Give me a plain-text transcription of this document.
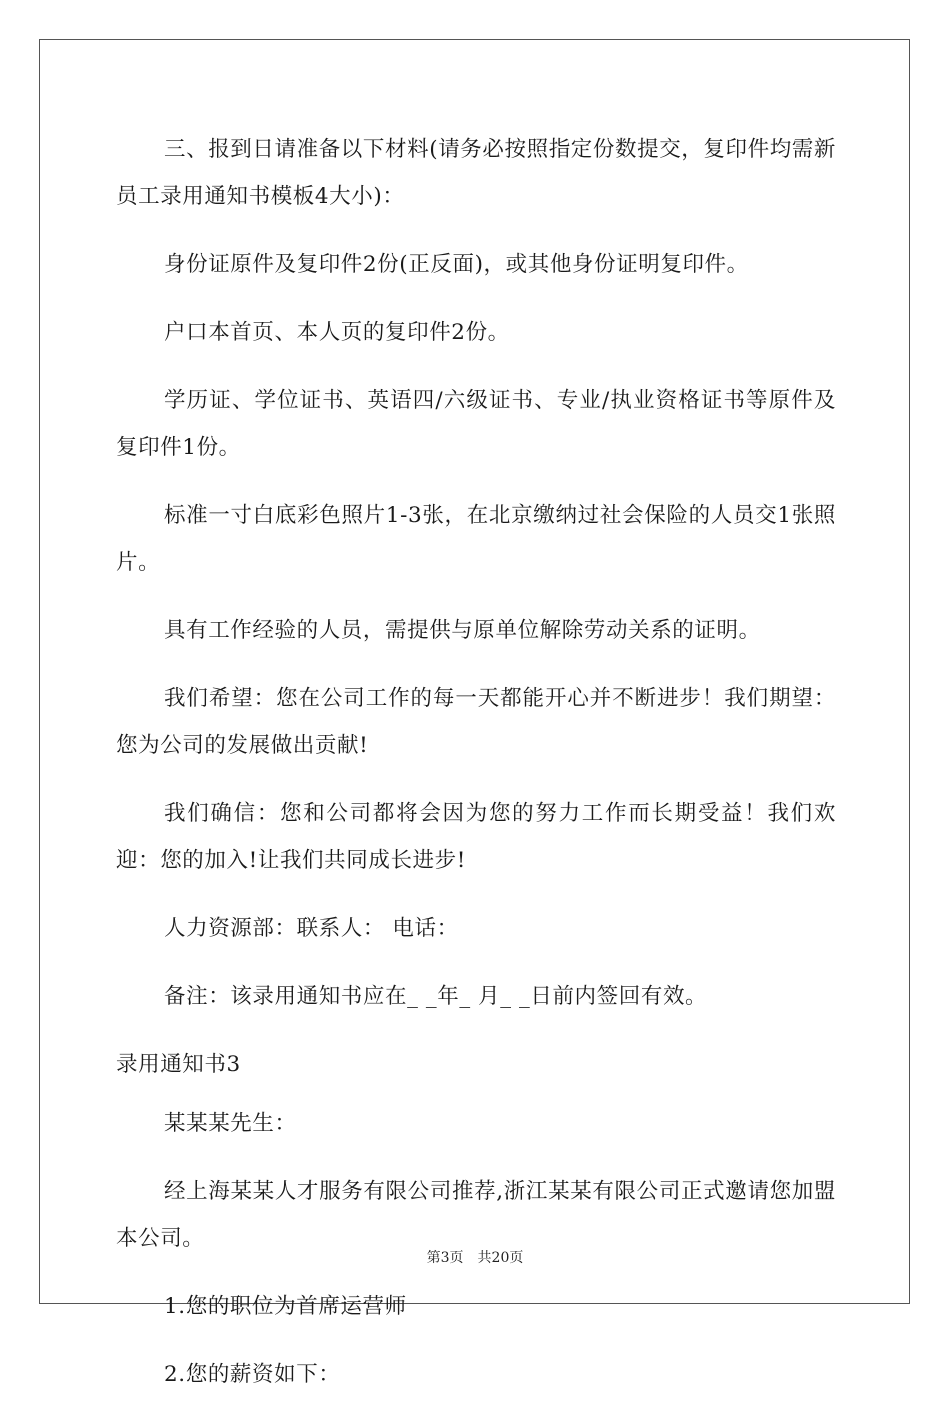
三、报到日请准备以下材料(请务必按照指定份数提交，复印件均需新员工录用通知书模板4大小)：

身份证原件及复印件2份(正反面)，或其他身份证明复印件。

户口本首页、本人页的复印件2份。

学历证、学位证书、英语四/六级证书、专业/执业资格证书等原件及复印件1份。

标准一寸白底彩色照片1-3张，在北京缴纳过社会保险的人员交1张照片。

具有工作经验的人员，需提供与原单位解除劳动关系的证明。

我们希望：您在公司工作的每一天都能开心并不断进步！我们期望：您为公司的发展做出贡献!

我们确信：您和公司都将会因为您的努力工作而长期受益！我们欢迎：您的加入!让我们共同成长进步!

人力资源部：联系人： 电话：

备注：该录用通知书应在_ _年_ 月_ _日前内签回有效。

录用通知书3

某某某先生：

经上海某某人才服务有限公司推荐,浙江某某有限公司正式邀请您加盟本公司。

1.您的职位为首席运营师

2.您的薪资如下：

第3页 共20页
